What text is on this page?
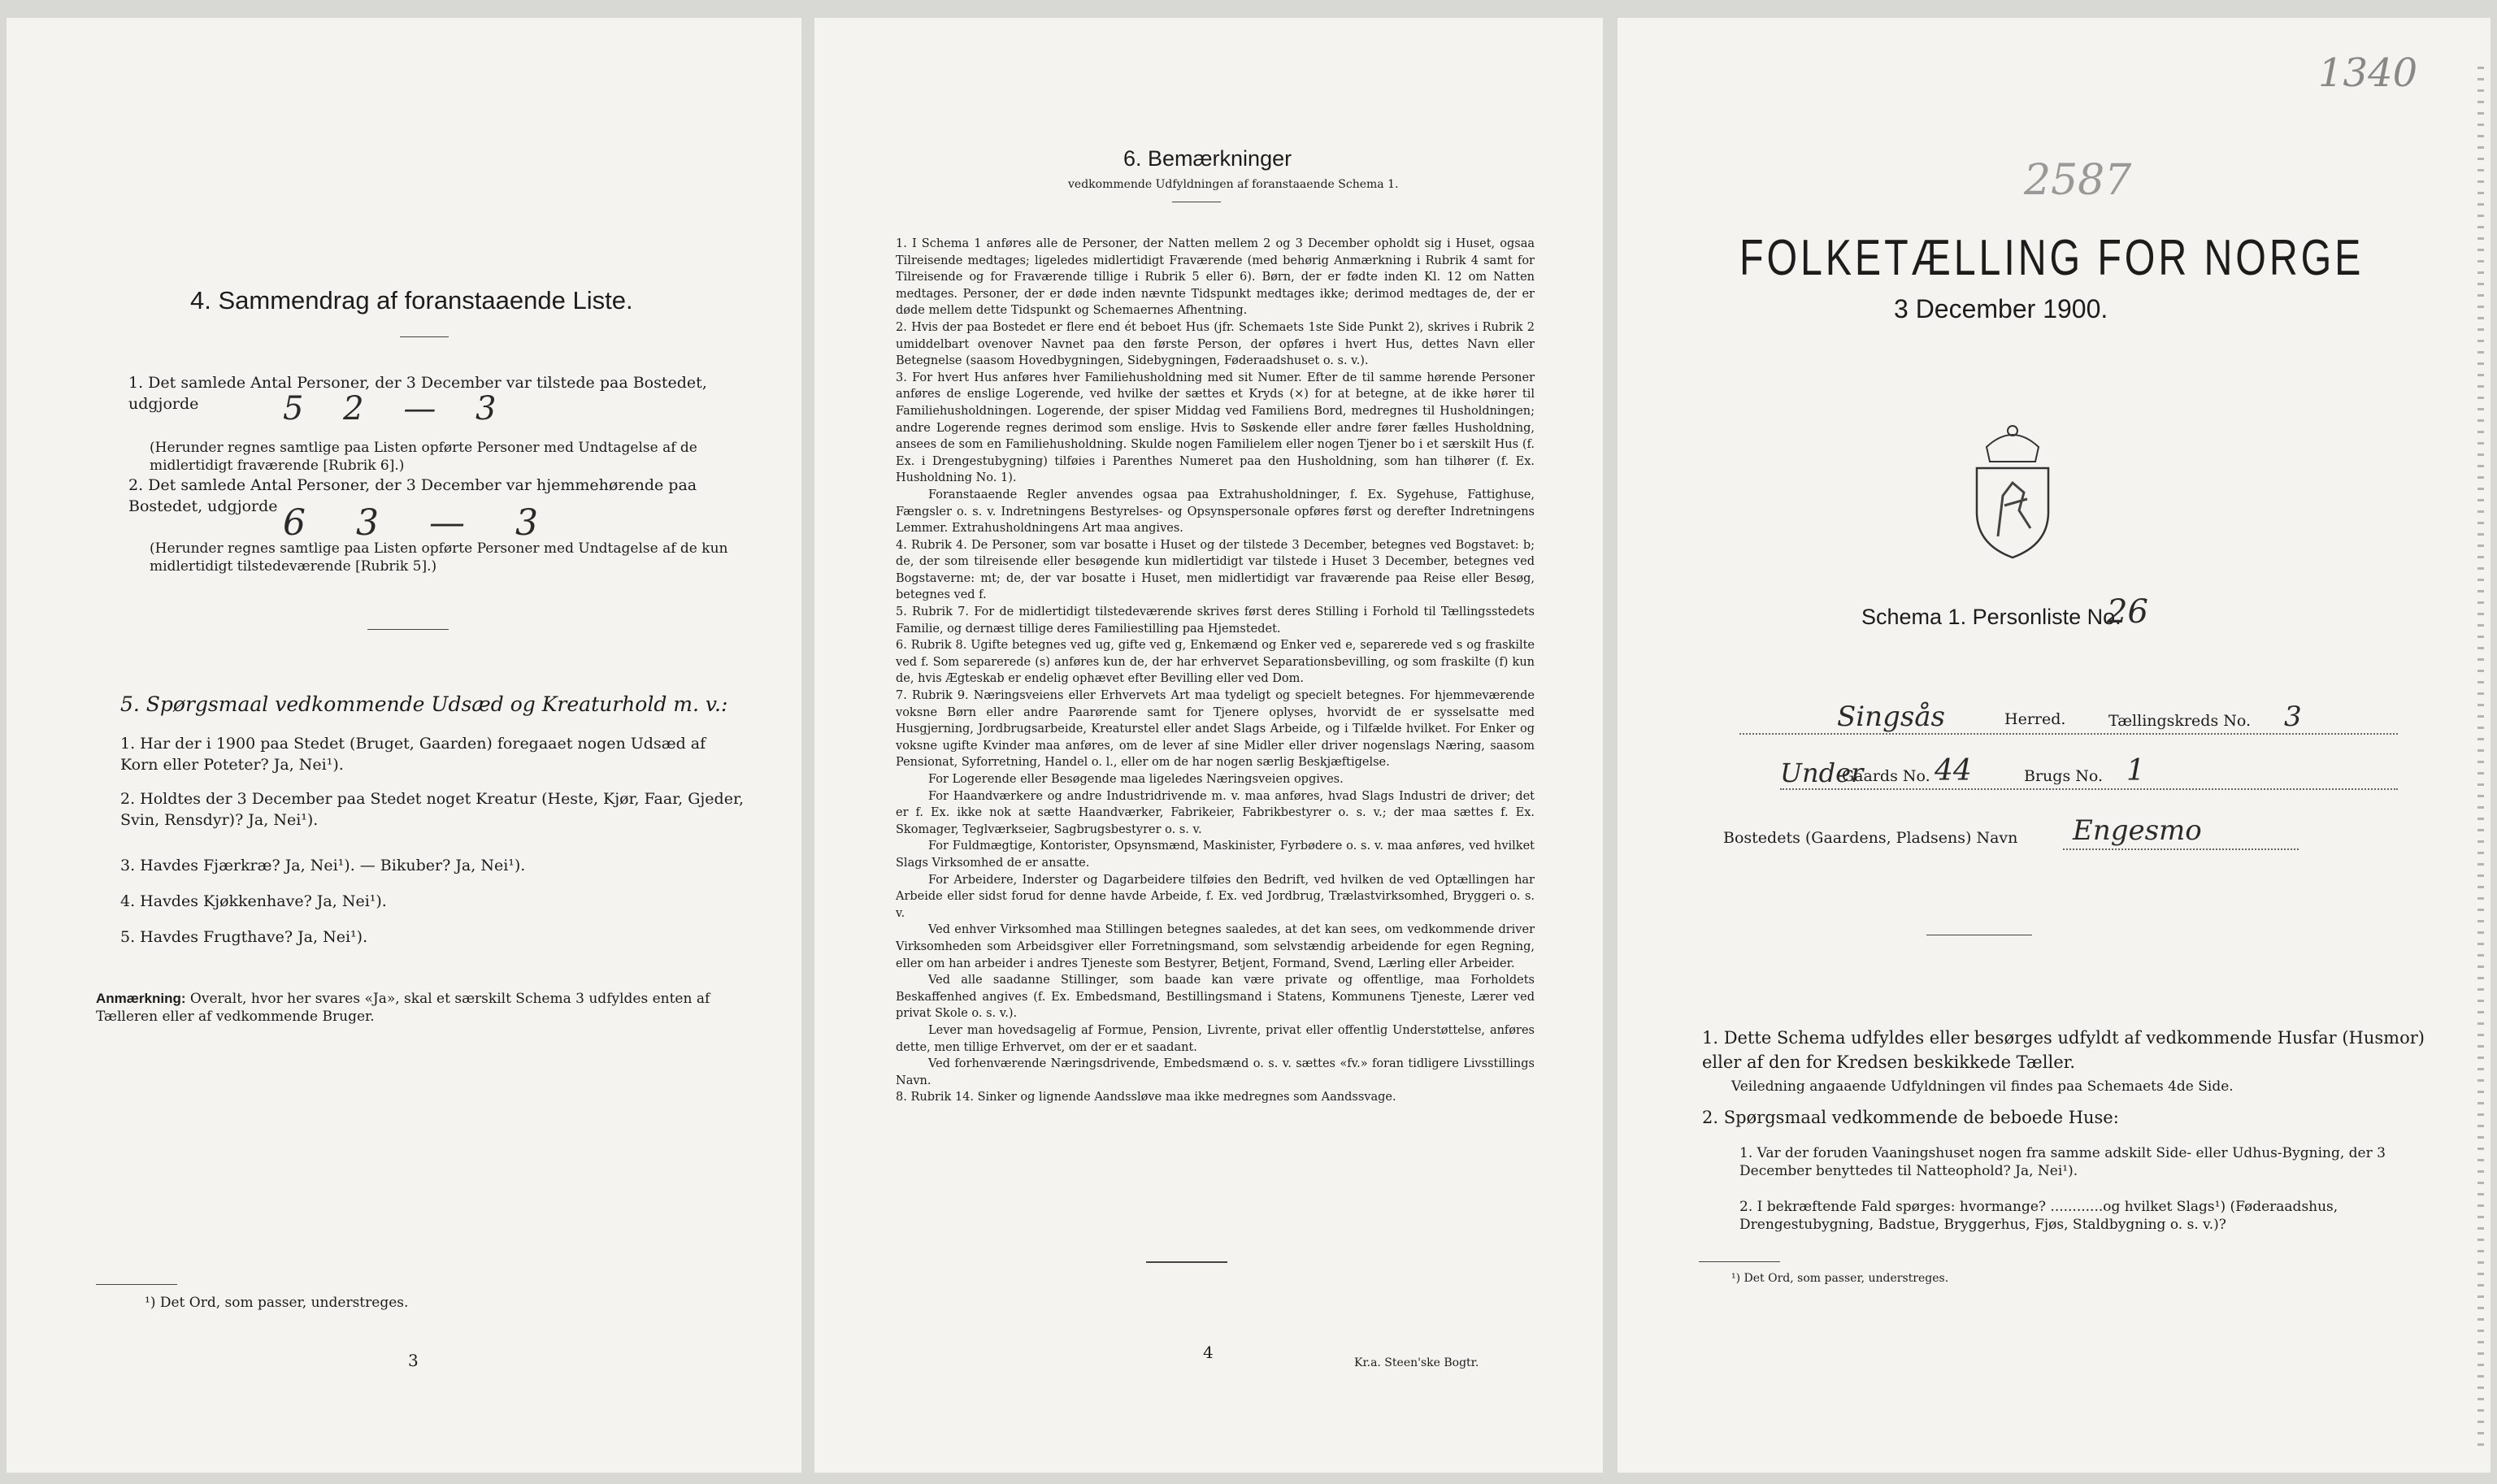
4. Sammendrag af foranstaaende Liste.
1. Det samlede Antal Personer, der 3 December var tilstede paa Bostedet, udgjorde	5 2 — 3
(Herunder regnes samtlige paa Listen opførte Personer med Undtagelse af de midlertidigt fraværende [Rubrik 6].)
2. Det samlede Antal Personer, der 3 December var hjemmehørende paa Bostedet, udgjorde 6 3 — 3
(Herunder regnes samtlige paa Listen opførte Personer med Undtagelse af de kun midlertidigt tilstedeværende [Rubrik 5].)
5. Spørgsmaal vedkommende Udsæd og Kreaturhold m. v.:
1. Har der i 1900 paa Stedet (Bruget, Gaarden) foregaaet nogen Udsæd af Korn eller Poteter? Ja, Nei¹).
2. Holdtes der 3 December paa Stedet noget Kreatur (Heste, Kjør, Faar, Gjeder, Svin, Rensdyr)? Ja, Nei¹).
3. Havdes Fjærkræ? Ja, Nei¹). — Bikuber? Ja, Nei¹).
4. Havdes Kjøkkenhave? Ja, Nei¹).
5. Havdes Frugthave? Ja, Nei¹).
Anmærkning: Overalt, hvor her svares «Ja», skal et særskilt Schema 3 udfyldes enten af Tælleren eller af vedkommende Bruger.
¹) Det Ord, som passer, understreges.
3
6. Bemærkninger
vedkommende Udfyldningen af foranstaaende Schema 1.

1. I Schema 1 anføres alle de Personer, der Natten mellem 2 og 3 December opholdt sig i Huset, ogsaa Tilreisende medtages; ligeledes midlertidigt Fraværende (med behørig Anmærkning i Rubrik 4 samt for Tilreisende og for Fraværende tillige i Rubrik 5 eller 6). Børn, der er fødte inden Kl. 12 om Natten medtages. Personer, der er døde inden nævnte Tidspunkt medtages ikke; derimod medtages de, der er døde mellem dette Tidspunkt og Schemaernes Afhentning.

2. Hvis der paa Bostedet er flere end ét beboet Hus (jfr. Schemaets 1ste Side Punkt 2), skrives i Rubrik 2 umiddelbart ovenover Navnet paa den første Person, der opføres i hvert Hus, dettes Navn eller Betegnelse (saasom Hovedbygningen, Sidebygningen, Føderaadshuset o. s. v.).

3. For hvert Hus anføres hver Familiehusholdning med sit Numer. Efter de til samme hørende Personer anføres de enslige Logerende, ved hvilke der sættes et Kryds (×) for at betegne, at de ikke hører til Familiehusholdningen. Logerende, der spiser Middag ved Familiens Bord, medregnes til Husholdningen; andre Logerende regnes derimod som enslige. Hvis to Søskende eller andre fører fælles Husholdning, ansees de som en Familiehusholdning. Skulde nogen Familielem eller nogen Tjener bo i et særskilt Hus (f. Ex. i Drengestubygning) tilføies i Parenthes Numeret paa den Husholdning, som han tilhører (f. Ex. Husholdning No. 1).

Foranstaaende Regler anvendes ogsaa paa Extrahusholdninger, f. Ex. Sygehuse, Fattighuse, Fængsler o. s. v. Indretningens Bestyrelses- og Opsynspersonale opføres først og derefter Indretningens Lemmer. Extrahusholdningens Art maa angives.

4. Rubrik 4. De Personer, som var bosatte i Huset og der tilstede 3 December, betegnes ved Bogstavet: b; de, der som tilreisende eller besøgende kun midlertidigt var tilstede i Huset 3 December, betegnes ved Bogstaverne: mt; de, der var bosatte i Huset, men midlertidigt var fraværende paa Reise eller Besøg, betegnes ved f.

5. Rubrik 7. For de midlertidigt tilstedeværende skrives først deres Stilling i Forhold til Tællingsstedets Familie, og dernæst tillige deres Familiestilling paa Hjemstedet.

6. Rubrik 8. Ugifte betegnes ved ug, gifte ved g, Enkemænd og Enker ved e, separerede ved s og fraskilte ved f. Som separerede (s) anføres kun de, der har erhvervet Separationsbevilling, og som fraskilte (f) kun de, hvis Ægteskab er endelig ophævet efter Bevilling eller ved Dom.

7. Rubrik 9. Næringsveiens eller Erhvervets Art maa tydeligt og specielt betegnes. For hjemmeværende voksne Børn eller andre Paarørende samt for Tjenere oplyses, hvorvidt de er sysselsatte med Husgjerning, Jordbrugsarbeide, Kreaturstel eller andet Slags Arbeide, og i Tilfælde hvilket. For Enker og voksne ugifte Kvinder maa anføres, om de lever af sine Midler eller driver nogenslags Næring, saasom Pensionat, Syforretning, Handel o. l., eller om de har nogen særlig Beskjæftigelse.

For Logerende eller Besøgende maa ligeledes Næringsveien opgives.

For Haandværkere og andre Industridrivende m. v. maa anføres, hvad Slags Industri de driver; det er f. Ex. ikke nok at sætte Haandværker, Fabrikeier, Fabrikbestyrer o. s. v.; der maa sættes f. Ex. Skomager, Teglværkseier, Sagbrugsbestyrer o. s. v.

For Fuldmægtige, Kontorister, Opsynsmænd, Maskinister, Fyrbødere o. s. v. maa anføres, ved hvilket Slags Virksomhed de er ansatte.

For Arbeidere, Inderster og Dagarbeidere tilføies den Bedrift, ved hvilken de ved Optællingen har Arbeide eller sidst forud for denne havde Arbeide, f. Ex. ved Jordbrug, Trælastvirksomhed, Bryggeri o. s. v.

Ved enhver Virksomhed maa Stillingen betegnes saaledes, at det kan sees, om vedkommende driver Virksomheden som Arbeidsgiver eller Forretningsmand, som selvstændig arbeidende for egen Regning, eller om han arbeider i andres Tjeneste som Bestyrer, Betjent, Formand, Svend, Lærling eller Arbeider.

Ved alle saadanne Stillinger, som baade kan være private og offentlige, maa Forholdets Beskaffenhed angives (f. Ex. Embedsmand, Bestillingsmand i Statens, Kommunens Tjeneste, Lærer ved privat Skole o. s. v.).

Lever man hovedsagelig af Formue, Pension, Livrente, privat eller offentlig Understøttelse, anføres dette, men tillige Erhvervet, om der er et saadant.

Ved forhenværende Næringsdrivende, Embedsmænd o. s. v. sættes «fv.» foran tidligere Livsstillings Navn.

8. Rubrik 14. Sinker og lignende Aandssløve maa ikke medregnes som Aandssvage.

4
Kr.a. Steen'ske Bogtr.
1340
2587
FOLKETÆLLING FOR NORGE
3 December 1900.
Schema 1. Personliste No.
26
Singsås	Herred.	Tællingskreds No. 3
Under
Gaards No. 44	Brugs No. 1
Bostedets (Gaardens, Pladsens) Navn Engesmo
1. Dette Schema udfyldes eller besørges udfyldt af vedkommende Husfar (Husmor) eller af den for Kredsen beskikkede Tæller.
Veiledning angaaende Udfyldningen vil findes paa Schemaets 4de Side.
2. Spørgsmaal vedkommende de beboede Huse:
1. Var der foruden Vaaningshuset nogen fra samme adskilt Side- eller Udhus-Bygning, der 3 December benyttedes til Natteophold? Ja, Nei¹).
2. I bekræftende Fald spørges: hvormange? ............og hvilket Slags¹) (Føderaadshus, Drengestubygning, Badstue, Bryggerhus, Fjøs, Staldbygning o. s. v.)?
¹) Det Ord, som passer, understreges.
